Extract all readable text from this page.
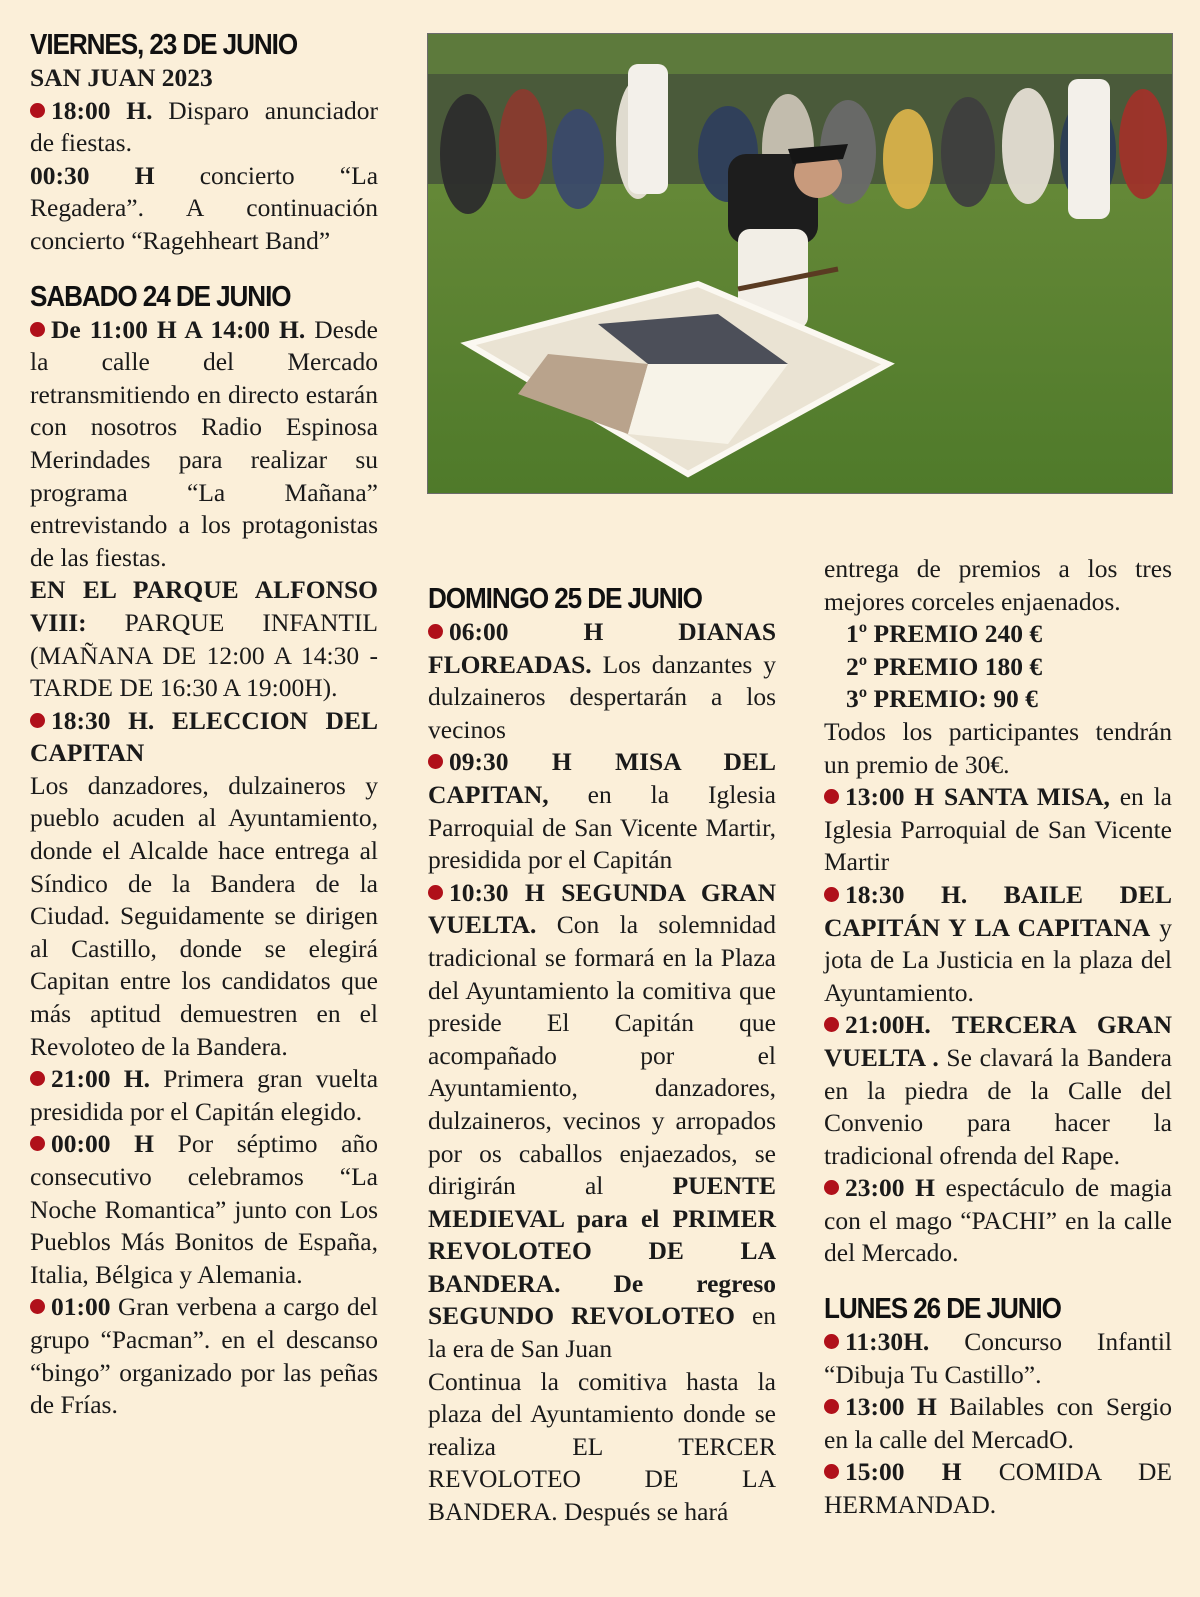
VIERNES, 23 DE JUNIO
SAN JUAN 2023

18:00 H. Disparo anunciador de fiestas.

00:30 H concierto “La Regadera”. A continuación concierto “Ragehheart Band”

SABADO 24 DE JUNIO

De 11:00 H A 14:00 H. Desde la calle del Mercado retransmitiendo en directo estarán con nosotros Radio Espinosa Merindades para realizar su programa “La Mañana” entrevistando a los protagonistas de las fiestas.

EN EL PARQUE ALFONSO VIII: PARQUE INFANTIL (MAÑANA DE 12:00 A 14:30 - TARDE DE 16:30 A 19:00H).

18:30 H. ELECCION DEL CAPITAN
Los danzadores, dulzaineros y pueblo acuden al Ayuntamiento, donde el Alcalde hace entrega al Síndico de la Bandera de la Ciudad. Seguidamente se dirigen al Castillo, donde se elegirá Capitan entre los candidatos que más aptitud demuestren en el Revoloteo de la Bandera.

21:00 H. Primera gran vuelta presidida por el Capitán elegido.

00:00 H Por séptimo año consecutivo celebramos “La Noche Romantica” junto con Los Pueblos Más Bonitos de España, Italia, Bélgica y Alemania.

01:00 Gran verbena a cargo del grupo “Pacman”. en el descanso “bingo” organizado por las peñas de Frías.

DOMINGO 25 DE JUNIO

06:00 H DIANAS FLOREADAS. Los danzantes y dulzaineros despertarán a los vecinos

09:30 H MISA DEL CAPITAN, en la Iglesia Parroquial de San Vicente Martir, presidida por el Capitán

10:30 H SEGUNDA GRAN VUELTA. Con la solemnidad tradicional se formará en la Plaza del Ayuntamiento la comitiva que preside El Capitán que acompañado por el Ayuntamiento, danzadores, dulzaineros, vecinos y arropados por os caballos enjaezados, se dirigirán al	PUENTE MEDIEVAL para el PRIMER REVOLOTEO DE LA BANDERA. De regreso SEGUNDO REVOLOTEO en la era de San Juan

Continua la comitiva hasta la plaza del Ayuntamiento donde se realiza EL TERCER REVOLOTEO DE LA BANDERA. Después se hará

entrega de premios a los tres mejores corceles enjaenados.

1º PREMIO 240 €
2º PREMIO 180 €
3º PREMIO: 90 €

Todos los participantes tendrán un premio de 30€.

13:00 H SANTA MISA, en la Iglesia Parroquial de San Vicente Martir

18:30 H. BAILE DEL CAPITÁN Y LA CAPITANA y jota de La Justicia en la plaza del Ayuntamiento.

21:00H. TERCERA GRAN VUELTA . Se clavará la Bandera en la piedra de la Calle del Convenio para hacer la tradicional ofrenda del Rape.

23:00 H espectáculo de magia con el mago “PACHI” en la calle del Mercado.

LUNES 26 DE JUNIO

11:30H. Concurso Infantil “Dibuja Tu Castillo”.

13:00 H Bailables con Sergio en la calle del MercadO.

15:00 H COMIDA DE HERMANDAD.
